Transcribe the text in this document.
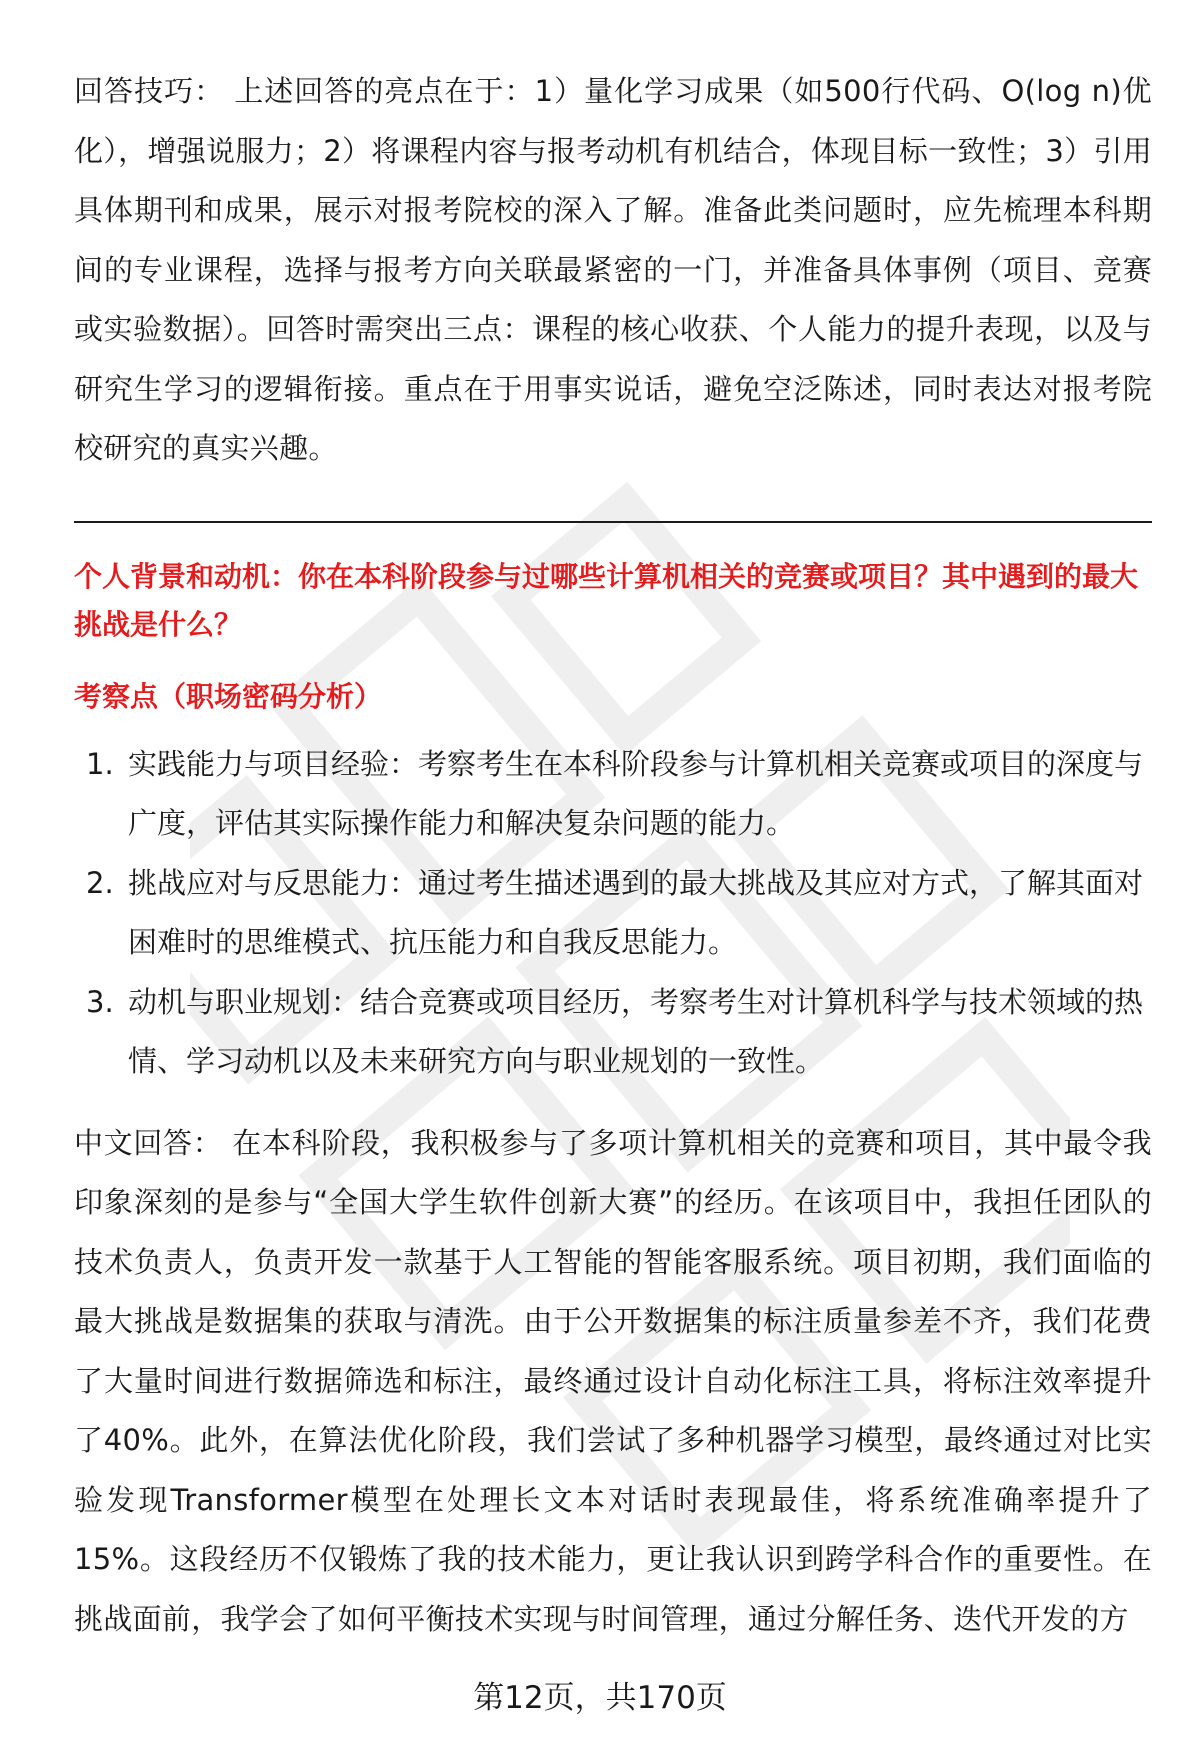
回答技巧： 上述回答的亮点在于：1）量化学习成果（如500行代码、O(log n)优化），增强说服力；2）将课程内容与报考动机有机结合，体现目标一致性；3）引用具体期刊和成果，展示对报考院校的深入了解。准备此类问题时，应先梳理本科期间的专业课程，选择与报考方向关联最紧密的一门，并准备具体事例（项目、竞赛或实验数据）。回答时需突出三点：课程的核心收获、个人能力的提升表现，以及与研究生学习的逻辑衔接。重点在于用事实说话，避免空泛陈述，同时表达对报考院校研究的真实兴趣。

个人背景和动机：你在本科阶段参与过哪些计算机相关的竞赛或项目？其中遇到的最大挑战是什么？

考察点（职场密码分析）

1. 实践能力与项目经验：考察考生在本科阶段参与计算机相关竞赛或项目的深度与广度，评估其实际操作能力和解决复杂问题的能力。
2. 挑战应对与反思能力：通过考生描述遇到的最大挑战及其应对方式，了解其面对困难时的思维模式、抗压能力和自我反思能力。
3. 动机与职业规划：结合竞赛或项目经历，考察考生对计算机科学与技术领域的热情、学习动机以及未来研究方向与职业规划的一致性。

中文回答： 在本科阶段，我积极参与了多项计算机相关的竞赛和项目，其中最令我印象深刻的是参与“全国大学生软件创新大赛”的经历。在该项目中，我担任团队的技术负责人，负责开发一款基于人工智能的智能客服系统。项目初期，我们面临的最大挑战是数据集的获取与清洗。由于公开数据集的标注质量参差不齐，我们花费了大量时间进行数据筛选和标注，最终通过设计自动化标注工具，将标注效率提升了40%。此外，在算法优化阶段，我们尝试了多种机器学习模型，最终通过对比实验发现Transformer模型在处理长文本对话时表现最佳，将系统准确率提升了15%。这段经历不仅锻炼了我的技术能力，更让我认识到跨学科合作的重要性。在挑战面前，我学会了如何平衡技术实现与时间管理，通过分解任务、迭代开发的方

第12页，共170页
